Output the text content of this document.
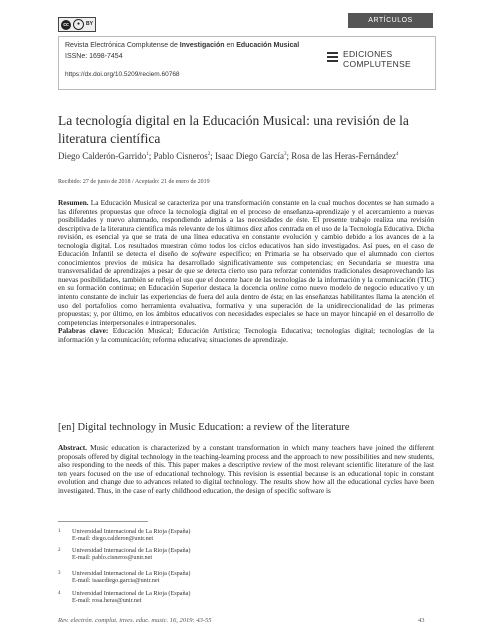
cc	●	BY	ARTÍCULOS
Revista Electrónica Complutense de Investigación en Educación Musical
ISSNe: 1698-7454
https://dx.doi.org/10.5209/reciem.60768
EDICIONES
COMPLUTENSE
La tecnología digital en la Educación Musical: una revisión de la literatura científica
Diego Calderón-Garrido$^1$; Pablo Cisneros$^2$; Isaac Diego García$^3$; Rosa de las Heras-Fernández$^4$
Recibido: 27 de junio de 2018 / Aceptado: 21 de enero de 2019
Resumen. La Educación Musical se caracteriza por una transformación constante en la cual muchos docentes se han sumado a las diferentes propuestas que ofrece la tecnología digital en el proceso de enseñanza-aprendizaje y el acercamiento a nuevas posibilidades y nuevo alumnado, respondiendo además a las necesidades de éste. El presente trabajo realiza una revisión descriptiva de la literatura científica más relevante de los últimos diez años centrada en el uso de la Tecnología Educativa. Dicha revisión, es esencial ya que se trata de una línea educativa en constante evolución y cambio debido a los avances de a la tecnología digital. Los resultados muestran cómo todos los ciclos educativos han sido investigados. Así pues, en el caso de Educación Infantil se detecta el diseño de software específico; en Primaria se ha observado que el alumnado con ciertos conocimientos previos de música ha desarrollado significativamente sus competencias; en Secundaria se muestra una transversalidad de aprendizajes a pesar de que se detecta cierto uso para reforzar contenidos tradicionales desaprovechando las nuevas posibilidades, también se refleja el uso que el docente hace de las tecnologías de la información y la comunicación (TIC) en su formación continua; en Educación Superior destaca la docencia online como nuevo modelo de negocio educativo y un intento constante de incluir las experiencias de fuera del aula dentro de ésta; en las enseñanzas habilitantes llama la atención el uso del portafolios como herramienta evaluativa, formativa y una superación de la unidireccionalidad de las primeras propuestas; y, por último, en los ámbitos educativos con necesidades especiales se hace un mayor hincapié en el desarrollo de competencias interpersonales e intrapersonales.
Palabras clave: Educación Musical; Educación Artística; Tecnología Educativa; tecnologías digital; tecnologías de la información y la comunicación; reforma educativa; situaciones de aprendizaje.
[en] Digital technology in Music Education: a review of the literature
Abstract. Music education is characterized by a constant transformation in which many teachers have joined the different proposals offered by digital technology in the teaching-learning process and the approach to new possibilities and new students, also responding to the needs of this. This paper makes a descriptive review of the most relevant scientific literature of the last ten years focused on the use of educational technology. This revision is essential because is an educational topic in constant evolution and change due to advances related to digital technology. The results show how all the educational cycles have been investigated. Thus, in the case of early childhood education, the design of specific software is
1 Universidad Internacional de La Rioja (España)
E-mail: diego.calderon@unir.net
2 Universidad Internacional de La Rioja (España)
E-mail: pablo.cisneros@unir.net
3 Universidad Internacional de La Rioja (España)
E-mail: isaacdiego.garcia@unir.net
4 Universidad Internacional de La Rioja (España)
E-mail: rosa.heras@unir.net
Rev. electrón. complut. inves. educ. music. 16, 2019: 43-55	43
